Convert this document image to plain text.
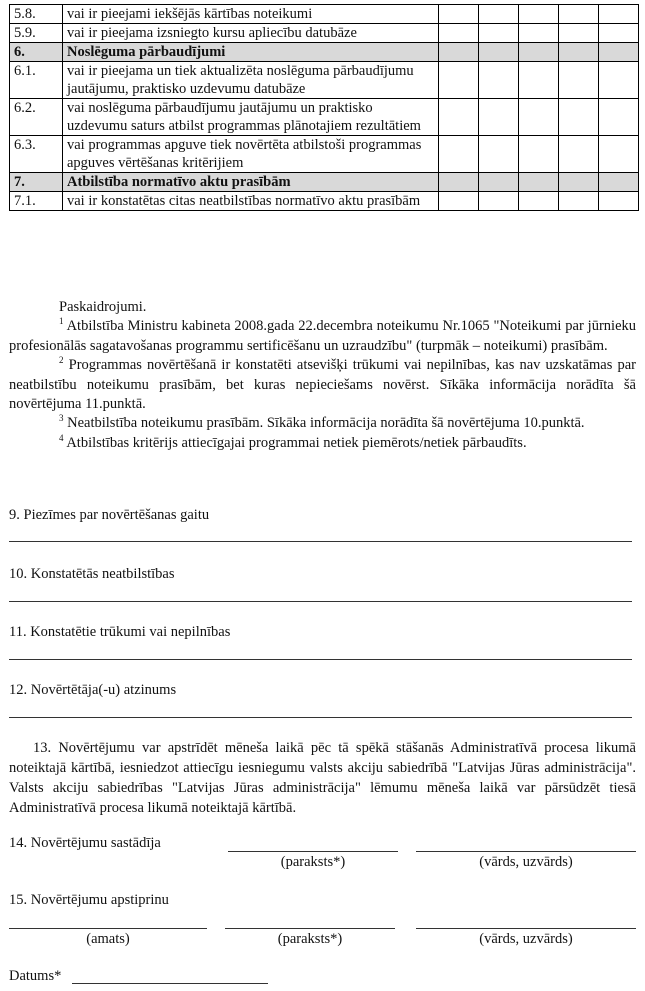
5.8.	vai ir pieejami iekšējās kārtības noteikumi					
5.9.	vai ir pieejama izsniegto kursu apliecību datubāze					
6.	Noslēguma pārbaudījumi					
6.1.	vai ir pieejama un tiek aktualizēta noslēguma pārbaudījumu jautājumu, praktisko uzdevumu datubāze					
6.2.	vai noslēguma pārbaudījumu jautājumu un praktisko uzdevumu saturs atbilst programmas plānotajiem rezultātiem					
6.3.	vai programmas apguve tiek novērtēta atbilstoši programmas apguves vērtēšanas kritērijiem					
7.	Atbilstība normatīvo aktu prasībām					
7.1.	vai ir konstatētas citas neatbilstības normatīvo aktu prasībām					

Paskaidrojumi.

$^1$ Atbilstība Ministru kabineta 2008.gada 22.decembra noteikumu Nr.1065 "Noteikumi par jūrnieku profesionālās sagatavošanas programmu sertificēšanu un uzraudzību" (turpmāk – noteikumi) prasībām.

$^2$ Programmas novērtēšanā ir konstatēti atsevišķi trūkumi vai nepilnības, kas nav uzskatāmas par neatbilstību noteikumu prasībām, bet kuras nepieciešams novērst. Sīkāka informācija norādīta šā novērtējuma 11.punktā.

$^3$ Neatbilstība noteikumu prasībām. Sīkāka informācija norādīta šā novērtējuma 10.punktā.

$^4$ Atbilstības kritērijs attiecīgajai programmai netiek piemērots/netiek pārbaudīts.

9. Piezīmes par novērtēšanas gaitu
10. Konstatētās neatbilstības
11. Konstatētie trūkumi vai nepilnības
12. Novērtētāja(-u) atzinums
13. Novērtējumu var apstrīdēt mēneša laikā pēc tā spēkā stāšanās Administratīvā procesa likumā noteiktajā kārtībā, iesniedzot attiecīgu iesniegumu valsts akciju sabiedrībā "Latvijas Jūras administrācija". Valsts akciju sabiedrības "Latvijas Jūras administrācija" lēmumu mēneša laikā var pārsūdzēt tiesā Administratīvā procesa likumā noteiktajā kārtībā.
14. Novērtējumu sastādīja
(paraksts*)	(vārds, uzvārds)
15. Novērtējumu apstiprinu
(amats)	(paraksts*)	(vārds, uzvārds)
Datums*
